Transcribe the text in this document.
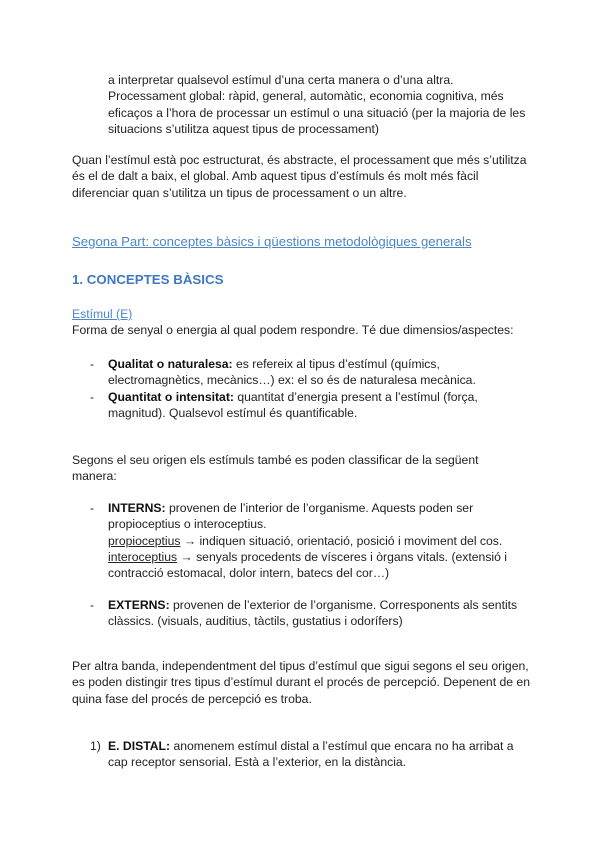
a interpretar qualsevol estímul d’una certa manera o d’una altra.

Processament global: ràpid, general, automàtic, economia cognitiva, més

eficaços a l’hora de processar un estímul o una situació (per la majoria de les

situacions s’utilitza aquest tipus de processament)

Quan l’estímul està poc estructurat, és abstracte, el processament que més s’utilitza

és el de dalt a baix, el global. Amb aquest tipus d’estímuls és molt més fàcil

diferenciar quan s’utilitza un tipus de processament o un altre.

Segona Part: conceptes bàsics i qüestions metodològiques generals

1. CONCEPTES BÀSICS

Estímul (E)

Forma de senyal o energia al qual podem respondre. Té due dimensios/aspectes:

- Qualitat o naturalesa: es refereix al tipus d’estímul (químics,

electromagnètics, mecànics…) ex: el so és de naturalesa mecànica.

- Quantitat o intensitat: quantitat d’energia present a l’estímul (força,

magnitud). Qualsevol estímul és quantificable.

Segons el seu origen els estímuls també es poden classificar de la següent

manera:

- INTERNS: provenen de l’interior de l’organisme. Aquests poden ser

propioceptius o interoceptius.

propioceptius → indiquen situació, orientació, posició i moviment del cos.

interoceptius → senyals procedents de vísceres i òrgans vitals. (extensió i

contracció estomacal, dolor intern, batecs del cor…)

- EXTERNS: provenen de l’exterior de l’organisme. Corresponents als sentits

clàssics. (visuals, auditius, tàctils, gustatius i odorífers)

Per altra banda, independentment del tipus d’estímul que sigui segons el seu origen,

es poden distingir tres tipus d’estímul durant el procés de percepció. Depenent de en

quina fase del procés de percepció es troba.

1) E. DISTAL: anomenem estímul distal a l’estímul que encara no ha arribat a

cap receptor sensorial. Està a l’exterior, en la distància.
